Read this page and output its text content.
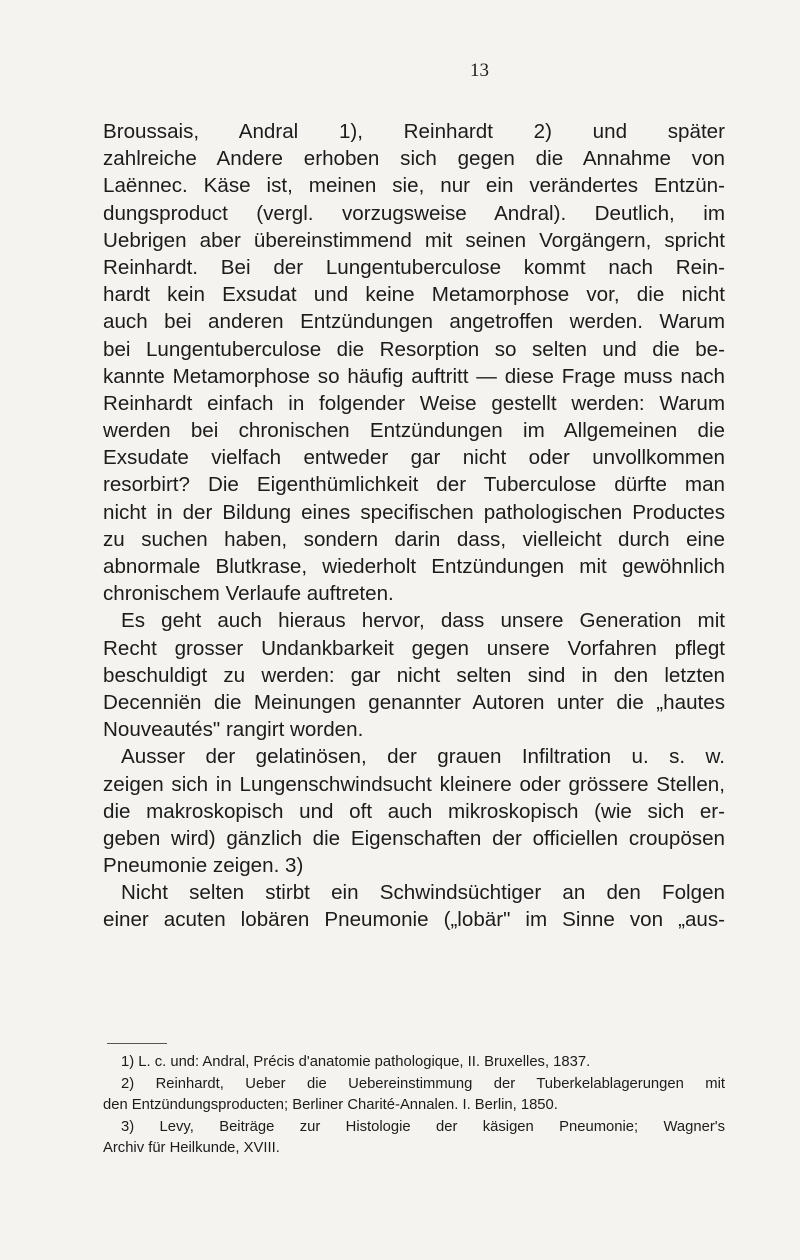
13
Broussais, Andral 1), Reinhardt 2) und später
zahlreiche Andere erhoben sich gegen die Annahme von
Laënnec. Käse ist, meinen sie, nur ein verändertes Entzün-
dungsproduct (vergl. vorzugsweise Andral). Deutlich, im
Uebrigen aber übereinstimmend mit seinen Vorgängern, spricht
Reinhardt. Bei der Lungentuberculose kommt nach Rein-
hardt kein Exsudat und keine Metamorphose vor, die nicht
auch bei anderen Entzündungen angetroffen werden. Warum
bei Lungentuberculose die Resorption so selten und die be-
kannte Metamorphose so häufig auftritt — diese Frage muss nach
Reinhardt einfach in folgender Weise gestellt werden: Warum
werden bei chronischen Entzündungen im Allgemeinen die
Exsudate vielfach entweder gar nicht oder unvollkommen
resorbirt? Die Eigenthümlichkeit der Tuberculose dürfte man
nicht in der Bildung eines specifischen pathologischen Productes
zu suchen haben, sondern darin dass, vielleicht durch eine
abnormale Blutkrase, wiederholt Entzündungen mit gewöhnlich
chronischem Verlaufe auftreten.
Es geht auch hieraus hervor, dass unsere Generation mit
Recht grosser Undankbarkeit gegen unsere Vorfahren pflegt
beschuldigt zu werden: gar nicht selten sind in den letzten
Decenniën die Meinungen genannter Autoren unter die „hautes
Nouveautés" rangirt worden.
Ausser der gelatinösen, der grauen Infiltration u. s. w.
zeigen sich in Lungenschwindsucht kleinere oder grössere Stellen,
die makroskopisch und oft auch mikroskopisch (wie sich er-
geben wird) gänzlich die Eigenschaften der officiellen croupösen
Pneumonie zeigen. 3)
Nicht selten stirbt ein Schwindsüchtiger an den Folgen
einer acuten lobären Pneumonie („lobär" im Sinne von „aus-
1) L. c. und: Andral, Précis d'anatomie pathologique, II. Bruxelles, 1837.
2) Reinhardt, Ueber die Uebereinstimmung der Tuberkelablagerungen mit
den Entzündungsproducten; Berliner Charité-Annalen. I. Berlin, 1850.
3) Levy, Beiträge zur Histologie der käsigen Pneumonie; Wagner's
Archiv für Heilkunde, XVIII.
